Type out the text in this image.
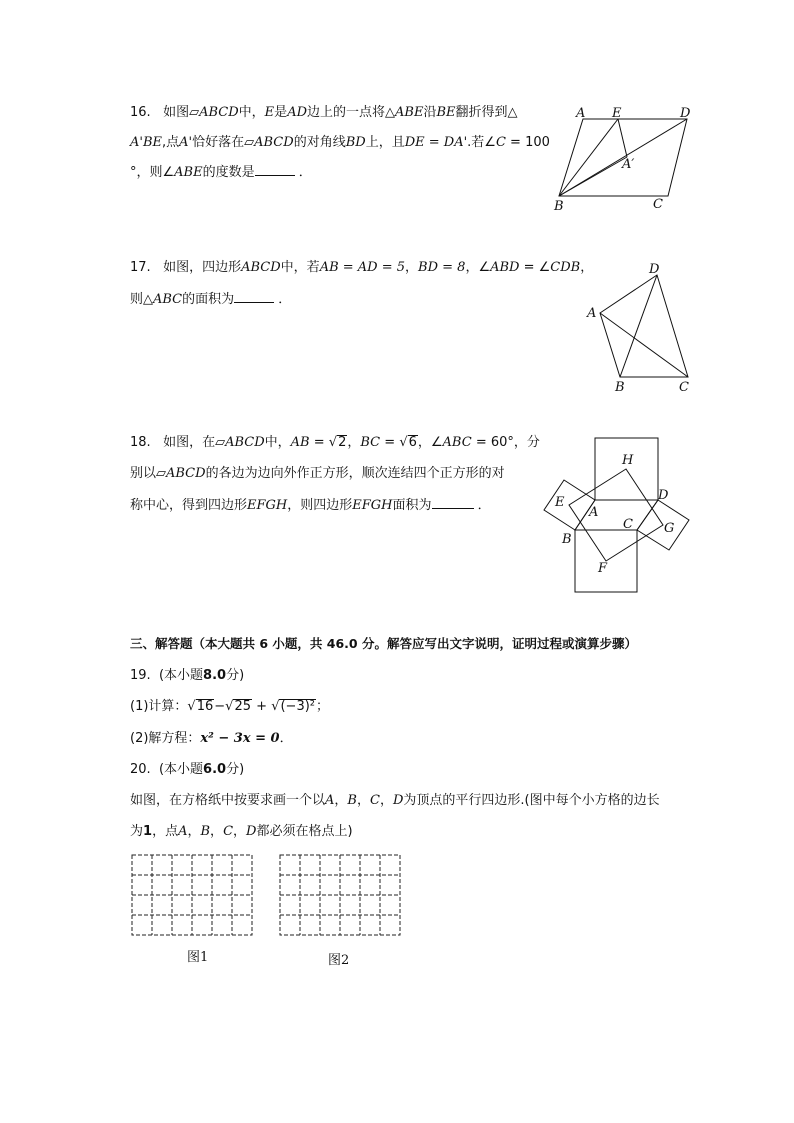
16. 如图▱ABCD中，E是AD边上的一点将△ABE沿BE翻折得到△
A'BE,点A'恰好落在▱ABCD的对角线BD上，且DE = DA'.若∠C = 100
°，则∠ABE的度数是	．
A E	D
A′
B	C
17. 如图，四边形ABCD中，若AB = AD = 5，BD = 8，∠ABD = ∠CDB，
则△ABC的面积为	．
D
A
B	C
18. 如图，在▱ABCD中，AB = √2，BC = √6，∠ABC = 60°，分
别以▱ABCD的各边为边向外作正方形，顺次连结四个正方形的对
称中心，得到四边形EFGH，则四边形EFGH面积为	．
H
E
A
D
C G
B
F
三、解答题（本大题共 6 小题，共 46.0 分。解答应写出文字说明，证明过程或演算步骤）
19. (本小题8.0分)
(1)计算：√16−√25 + √(−3)²；
(2)解方程：x² − 3x = 0．
20. (本小题6.0分)
如图，在方格纸中按要求画一个以A，B，C，D为顶点的平行四边形.(图中每个小方格的边长
为1，点A，B，C，D都必须在格点上)
图1	图2
